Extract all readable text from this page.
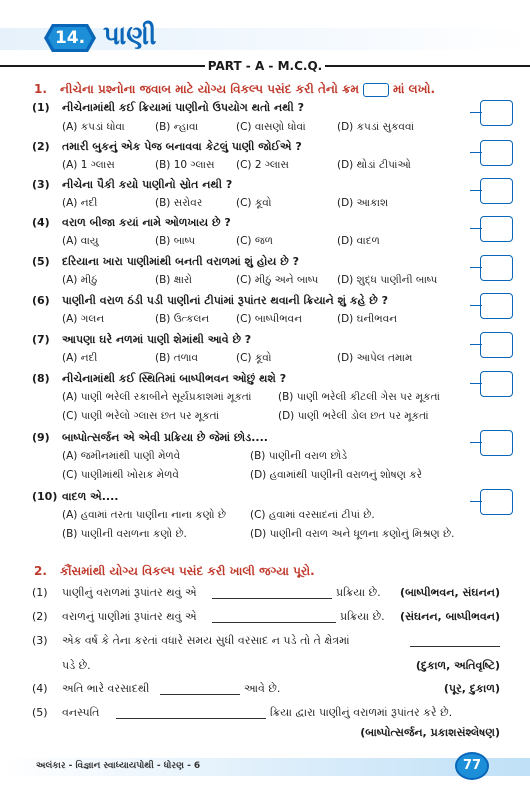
14. પાણી
PART - A - M.C.Q.
1. નીચેના પ્રશ્નોના જવાબ માટે યોગ્ય વિકલ્પ પસંદ કરી તેનો ક્રમ	માં લખો.
(1) નીચેનામાંથી કઈ ક્રિયામાં પાણીનો ઉપયોગ થતો નથી ?
(A) કપડાં ધોવા	(B) ન્હાવા	(C) વાસણો ધોવાં	(D) કપડાં સુકવવાં
(2) તમારી બુકનું એક પેજ બનાવવા કેટલું પાણી જોઈએ ?
(A) 1 ગ્લાસ	(B) 10 ગ્લાસ (C) 2 ગ્લાસ	(D) થોડાં ટીપાંઓ
(3) નીચેના પૈકી કયો પાણીનો સ્રોત નથી ?
(A) નદી	(B) સરોવર	(C) કૂવો	(D) આકાશ
(4) વરાળ બીજા કયાં નામે ઓળખાય છે ?
(A) વાયુ	(B) બાષ્પ	(C) જળ	(D) વાદળ
(5) દરિયાના ખારા પાણીમાંથી બનતી વરાળમાં શું હોય છે ?
(A) મીઠું	(B) ક્ષારો	(C) મીઠું અને બાષ્પ (D) શુદ્ધ પાણીની બાષ્પ
(6) પાણીની વરાળ ઠંડી પડી પાણીનાં ટીપાંમાં રૂપાંતર થવાની ક્રિયાને શું કહે છે ?
(A) ગલન	(B) ઉત્કલન	(C) બાષ્પીભવન	(D) ઘનીભવન
(7) આપણા ઘરે નળમાં પાણી શેમાંથી આવે છે ?
(A) નદી	(B) તળાવ	(C) કૂવો	(D) આપેલ તમામ
(8) નીચેનામાંથી કઈ સ્થિતિમાં બાષ્પીભવન ઓછું થશે ?
(A) પાણી ભરેલી રકાબીને સૂર્યપ્રકાશમાં મૂકતાં	(B) પાણી ભરેલી કીટલી ગેસ પર મૂકતાં
(C) પાણી ભરેલો ગ્લાસ છત પર મૂકતાં	(D) પાણી ભરેલી ડોલ છત પર મૂકતાં
(9) બાષ્પોત્સર્જન એ એવી પ્રક્રિયા છે જેમાં છોડ....
(A) જમીનમાંથી પાણી મેળવે	(B) પાણીની વરાળ છોડે
(C) પાણીમાંથી ખોરાક મેળવે	(D) હવામાંથી પાણીની વરાળનું શોષણ કરે
(10) વાદળ એ....
(A) હવામાં તરતા પાણીના નાના કણો છે (C) હવામાં વરસાદનાં ટીપાં છે.
(B) પાણીની વરાળના કણો છે.	(D) પાણીની વરાળ અને ધૂળના કણોનું મિશ્રણ છે.
2. કૌંસમાંથી યોગ્ય વિકલ્પ પસંદ કરી ખાલી જગ્યા પૂરો.
(1) પાણીનું વરાળમાં રૂપાંતર થવું એ	પ્રક્રિયા છે. (બાષ્પીભવન, સંઘનન)
(2) વરાળનું પાણીમાં રૂપાંતર થવું એ	પ્રક્રિયા છે. (સંઘનન, બાષ્પીભવન)
(3) એક વર્ષ કે તેના કરતાં વધારે સમય સુધી વરસાદ ન પડે તો તે ક્ષેત્રમાં
પડે છે.	(દુકાળ, અતિવૃષ્ટિ)
(4) અતિ ભારે વરસાદથી	આવે છે.	(પૂર, દુકાળ)
(5) વનસ્પતિ	ક્રિયા દ્વારા પાણીનું વરાળમાં રૂપાંતર કરે છે.
(બાષ્પોત્સર્જન, પ્રકાશસંશ્લેષણ)
અલંકાર - વિજ્ઞાન સ્વાધ્યાયપોથી - ધોરણ - 6	77
